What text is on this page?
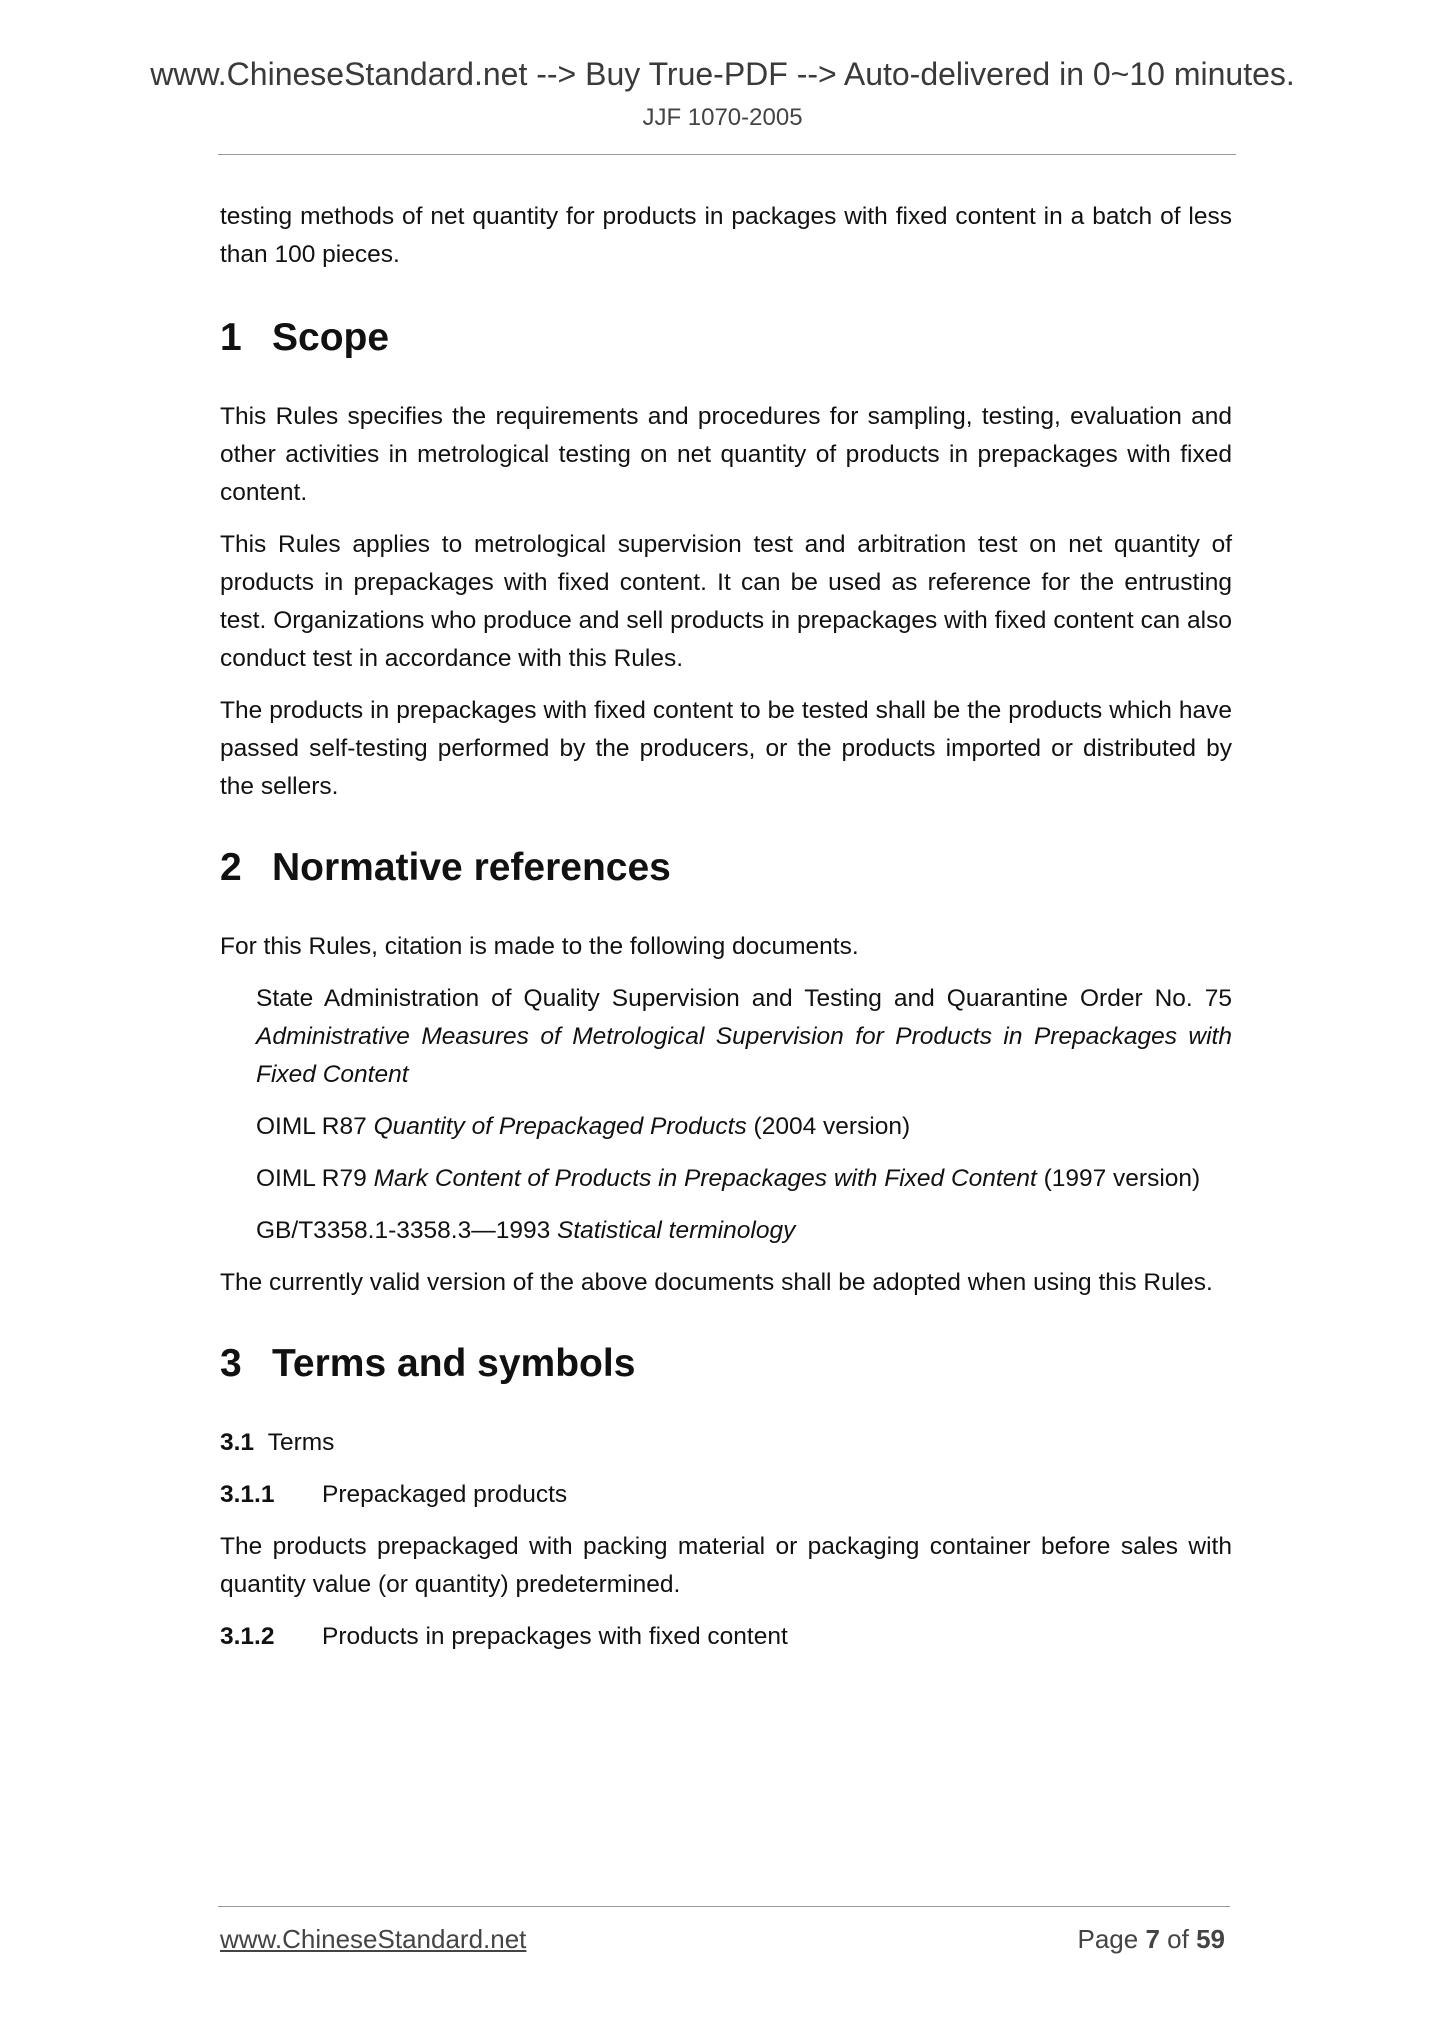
www.ChineseStandard.net --> Buy True-PDF --> Auto-delivered in 0~10 minutes.
JJF 1070-2005

testing methods of net quantity for products in packages with fixed content in a batch of less than 100 pieces.

1 Scope

This Rules specifies the requirements and procedures for sampling, testing, evaluation and other activities in metrological testing on net quantity of products in prepackages with fixed content.

This Rules applies to metrological supervision test and arbitration test on net quantity of products in prepackages with fixed content. It can be used as reference for the entrusting test. Organizations who produce and sell products in prepackages with fixed content can also conduct test in accordance with this Rules.

The products in prepackages with fixed content to be tested shall be the products which have passed self-testing performed by the producers, or the products imported or distributed by the sellers.

2 Normative references

For this Rules, citation is made to the following documents.

State Administration of Quality Supervision and Testing and Quarantine Order No. 75 Administrative Measures of Metrological Supervision for Products in Prepackages with Fixed Content

OIML R87 Quantity of Prepackaged Products (2004 version)

OIML R79 Mark Content of Products in Prepackages with Fixed Content (1997 version)

GB/T3358.1-3358.3—1993 Statistical terminology

The currently valid version of the above documents shall be adopted when using this Rules.

3 Terms and symbols
3.1 Terms
3.1.1 Prepackaged products

The products prepackaged with packing material or packaging container before sales with quantity value (or quantity) predetermined.

3.1.2 Products in prepackages with fixed content
www.ChineseStandard.net	Page 7 of 59
